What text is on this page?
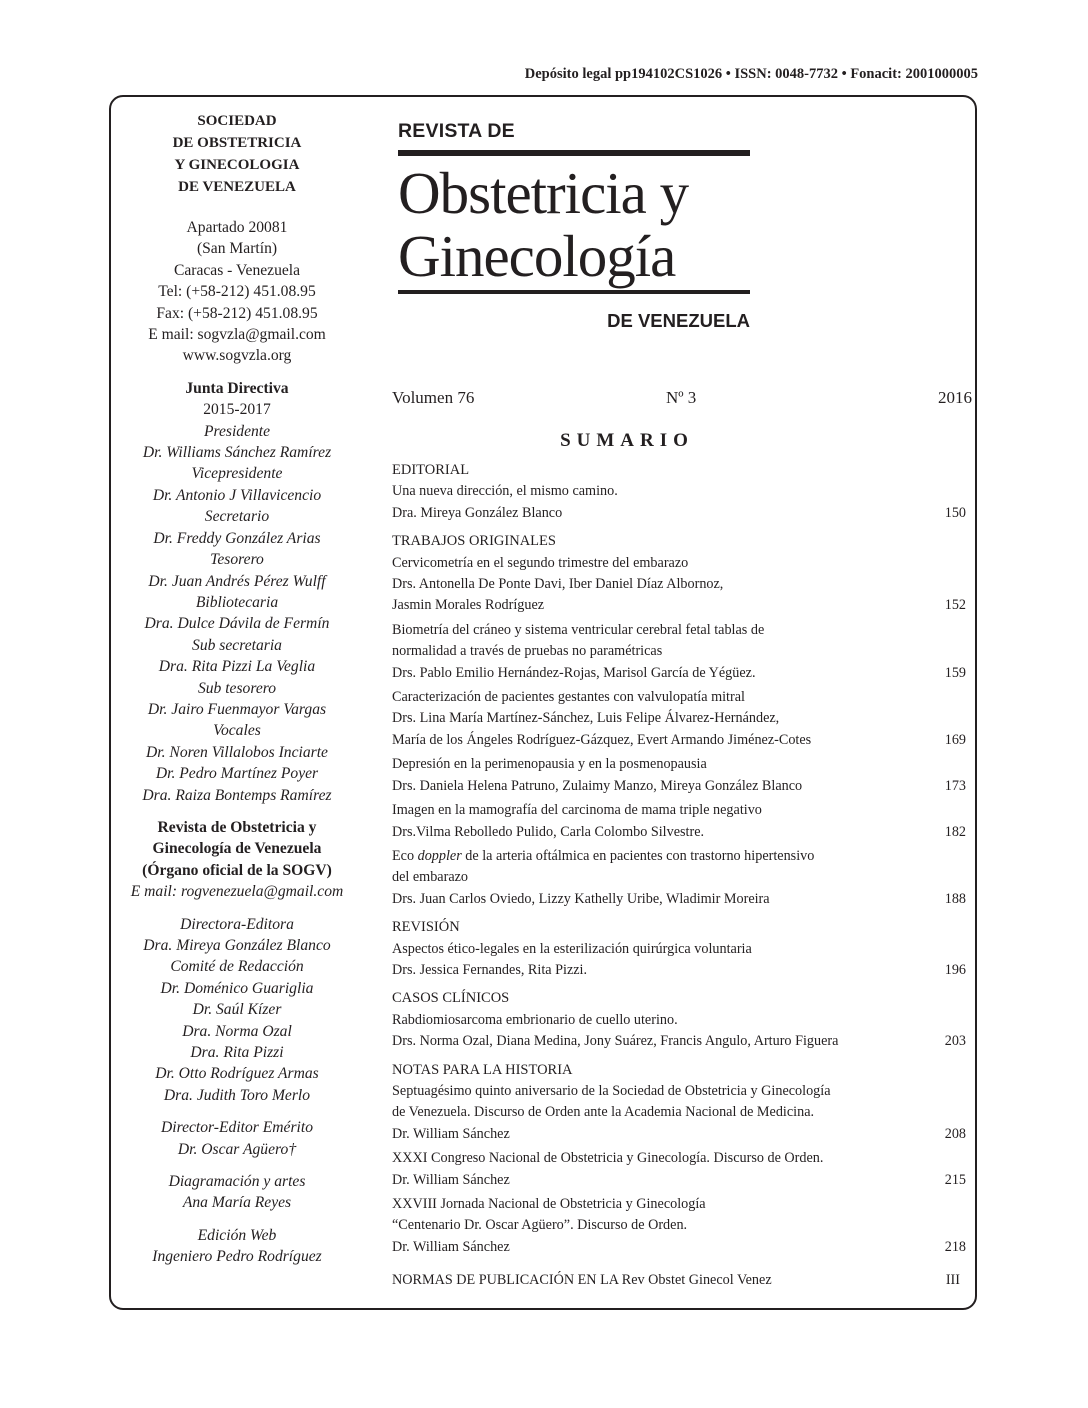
Depósito legal pp194102CS1026 • ISSN: 0048-7732 • Fonacit: 2001000005
SOCIEDAD
DE OBSTETRICIA
Y GINECOLOGIA
DE VENEZUELA
Apartado 20081
(San Martín)
Caracas - Venezuela
Tel: (+58-212) 451.08.95
Fax: (+58-212) 451.08.95
E mail: sogvzla@gmail.com
www.sogvzla.org
Junta Directiva
2015-2017
Presidente
Dr. Williams Sánchez Ramírez
Vicepresidente
Dr. Antonio J Villavicencio
Secretario
Dr. Freddy González Arias
Tesorero
Dr. Juan Andrés Pérez Wulff
Bibliotecaria
Dra. Dulce Dávila de Fermín
Sub secretaria
Dra. Rita Pizzi La Veglia
Sub tesorero
Dr. Jairo Fuenmayor Vargas
Vocales
Dr. Noren Villalobos Inciarte
Dr. Pedro Martínez Poyer
Dra. Raiza Bontemps Ramírez
Revista de Obstetricia y
Ginecología de Venezuela
(Órgano oficial de la SOGV)
E mail: rogvenezuela@gmail.com
Directora-Editora
Dra. Mireya González Blanco
Comité de Redacción
Dr. Doménico Guariglia
Dr. Saúl Kízer
Dra. Norma Ozal
Dra. Rita Pizzi
Dr. Otto Rodríguez Armas
Dra. Judith Toro Merlo
Director-Editor Emérito
Dr. Oscar Agüero†
Diagramación y artes
Ana María Reyes
Edición Web
Ingeniero Pedro Rodríguez
REVISTA DE
Obstetricia y
Ginecología
DE VENEZUELA
Volumen 76	Nº 3	2016
SUMARIO
EDITORIAL
Una nueva dirección, el mismo camino.
Dra. Mireya González Blanco	150
TRABAJOS ORIGINALES
Cervicometría en el segundo trimestre del embarazo
Drs. Antonella De Ponte Davi, Iber Daniel Díaz Albornoz,
Jasmin Morales Rodríguez	152
Biometría del cráneo y sistema ventricular cerebral fetal tablas de
normalidad a través de pruebas no paramétricas
Drs. Pablo Emilio Hernández-Rojas, Marisol García de Yégüez.	159
Caracterización de pacientes gestantes con valvulopatía mitral
Drs. Lina María Martínez-Sánchez, Luis Felipe Álvarez-Hernández,
María de los Ángeles Rodríguez-Gázquez, Evert Armando Jiménez-Cotes	169
Depresión en la perimenopausia y en la posmenopausia
Drs. Daniela Helena Patruno, Zulaimy Manzo, Mireya González Blanco	173
Imagen en la mamografía del carcinoma de mama triple negativo
Drs.Vilma Rebolledo Pulido, Carla Colombo Silvestre.	182
Eco doppler de la arteria oftálmica en pacientes con trastorno hipertensivo
del embarazo
Drs. Juan Carlos Oviedo, Lizzy Kathelly Uribe, Wladimir Moreira	188
REVISIÓN
Aspectos ético-legales en la esterilización quirúrgica voluntaria
Drs. Jessica Fernandes, Rita Pizzi.	196
CASOS CLÍNICOS
Rabdiomiosarcoma embrionario de cuello uterino.
Drs. Norma Ozal, Diana Medina, Jony Suárez, Francis Angulo, Arturo Figuera	203
NOTAS PARA LA HISTORIA
Septuagésimo quinto aniversario de la Sociedad de Obstetricia y Ginecología
de Venezuela. Discurso de Orden ante la Academia Nacional de Medicina.
Dr. William Sánchez	208
XXXI Congreso Nacional de Obstetricia y Ginecología. Discurso de Orden.
Dr. William Sánchez	215
XXVIII Jornada Nacional de Obstetricia y Ginecología
“Centenario Dr. Oscar Agüero”. Discurso de Orden.
Dr. William Sánchez	218
NORMAS DE PUBLICACIÓN EN LA Rev Obstet Ginecol Venez	III
